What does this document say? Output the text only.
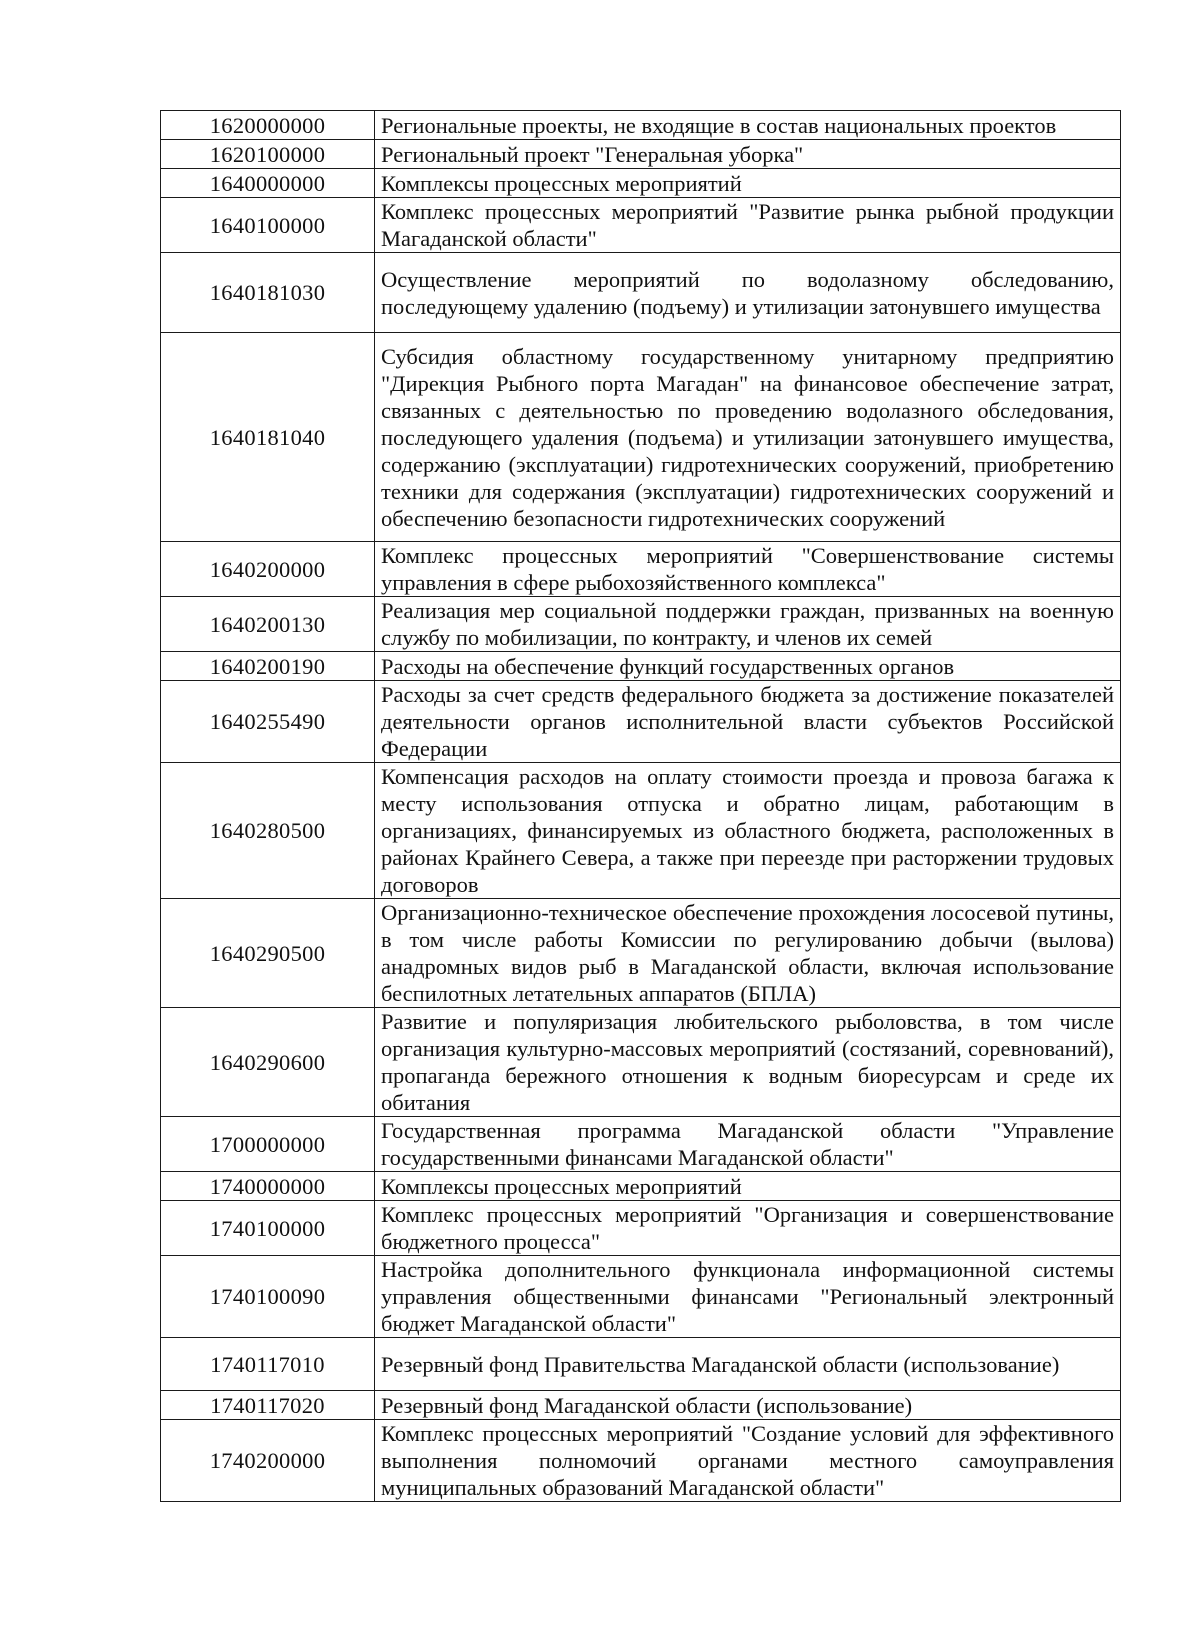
1620000000	Региональные проекты, не входящие в состав национальных проектов
1620100000	Региональный проект "Генеральная уборка"
1640000000	Комплексы процессных мероприятий
1640100000	Комплекс процессных мероприятий "Развитие рынка рыбной продукции Магаданской области"
1640181030	Осуществление мероприятий по водолазному обследованию, последующему удалению (подъему) и утилизации затонувшего имущества
1640181040	Субсидия областному государственному унитарному предприятию "Дирекция Рыбного порта Магадан" на финансовое обеспечение затрат, связанных с деятельностью по проведению водолазного обследования, последующего удаления (подъема) и утилизации затонувшего имущества, содержанию (эксплуатации) гидротехнических сооружений, приобретению техники для содержания (эксплуатации) гидротехнических сооружений и обеспечению безопасности гидротехнических сооружений
1640200000	Комплекс процессных мероприятий "Совершенствование системы управления в сфере рыбохозяйственного комплекса"
1640200130	Реализация мер социальной поддержки граждан, призванных на военную службу по мобилизации, по контракту, и членов их семей
1640200190	Расходы на обеспечение функций государственных органов
1640255490	Расходы за счет средств федерального бюджета за достижение показателей деятельности органов исполнительной власти субъектов Российской Федерации
1640280500	Компенсация расходов на оплату стоимости проезда и провоза багажа к месту использования отпуска и обратно лицам, работающим в организациях, финансируемых из областного бюджета, расположенных в районах Крайнего Севера, а также при переезде при расторжении трудовых договоров
1640290500	Организационно-техническое обеспечение прохождения лососевой путины, в том числе работы Комиссии по регулированию добычи (вылова) анадромных видов рыб в Магаданской области, включая использование беспилотных летательных аппаратов (БПЛА)
1640290600	Развитие и популяризация любительского рыболовства, в том числе организация культурно-массовых мероприятий (состязаний, соревнований), пропаганда бережного отношения к водным биоресурсам и среде их обитания
1700000000	Государственная программа Магаданской области "Управление государственными финансами Магаданской области"
1740000000	Комплексы процессных мероприятий
1740100000	Комплекс процессных мероприятий "Организация и совершенствование бюджетного процесса"
1740100090	Настройка дополнительного функционала информационной системы управления общественными финансами "Региональный электронный бюджет Магаданской области"
1740117010	Резервный фонд Правительства Магаданской области (использование)
1740117020	Резервный фонд Магаданской области (использование)
1740200000	Комплекс процессных мероприятий "Создание условий для эффективного выполнения полномочий органами местного самоуправления муниципальных образований Магаданской области"
